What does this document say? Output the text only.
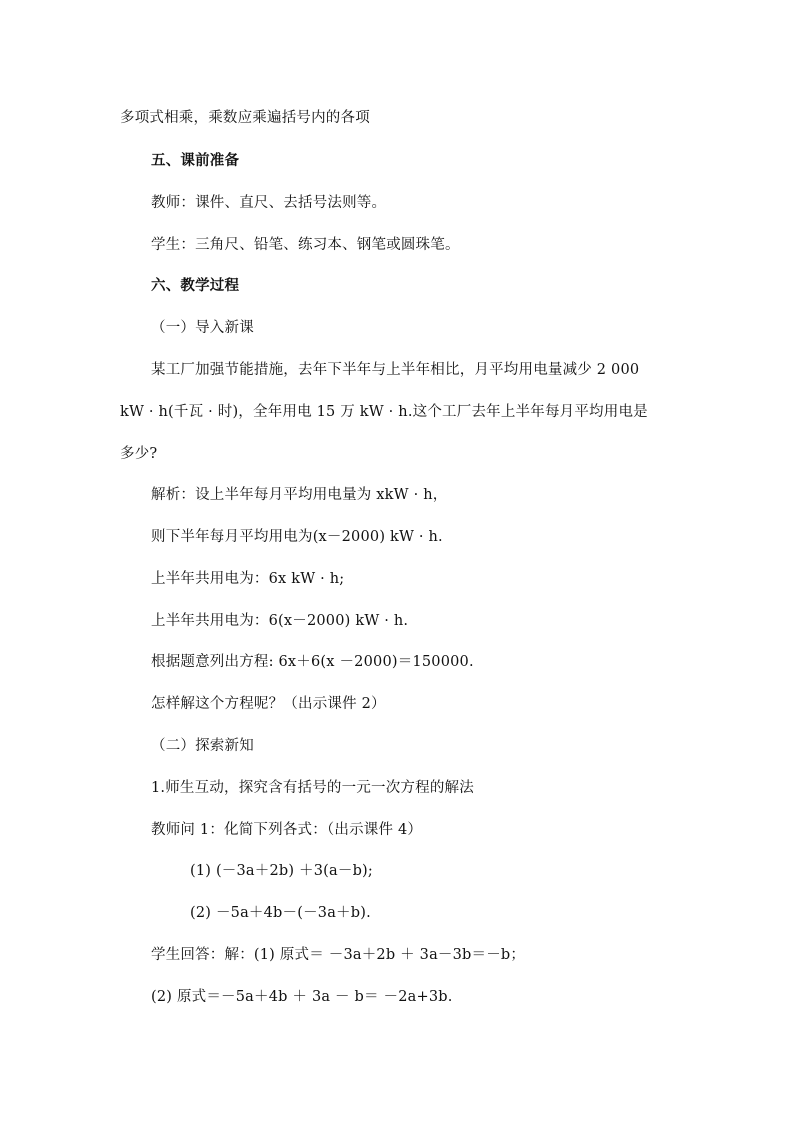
多项式相乘，乘数应乘遍括号内的各项
五、课前准备
教师：课件、直尺、去括号法则等。
学生：三角尺、铅笔、练习本、钢笔或圆珠笔。
六、教学过程
（一）导入新课
某工厂加强节能措施，去年下半年与上半年相比，月平均用电量减少 2 000
kW · h(千瓦 · 时)，全年用电 15 万 kW · h.这个工厂去年上半年每月平均用电是
多少?
解析：设上半年每月平均用电量为 xkW · h，
则下半年每月平均用电为(x－2000) kW · h.
上半年共用电为：6x kW · h;
上半年共用电为：6(x－2000) kW · h.
根据题意列出方程: 6x＋6(x －2000)＝150000.
怎样解这个方程呢？（出示课件 2）
（二）探索新知
1.师生互动，探究含有括号的一元一次方程的解法
教师问 1：化简下列各式：（出示课件 4）
(1) (－3a＋2b) ＋3(a－b);
(2) －5a＋4b－(－3a＋b).
学生回答：解：(1) 原式＝ －3a＋2b ＋ 3a－3b＝－b；
(2) 原式＝－5a＋4b ＋ 3a － b＝ －2a+3b.
